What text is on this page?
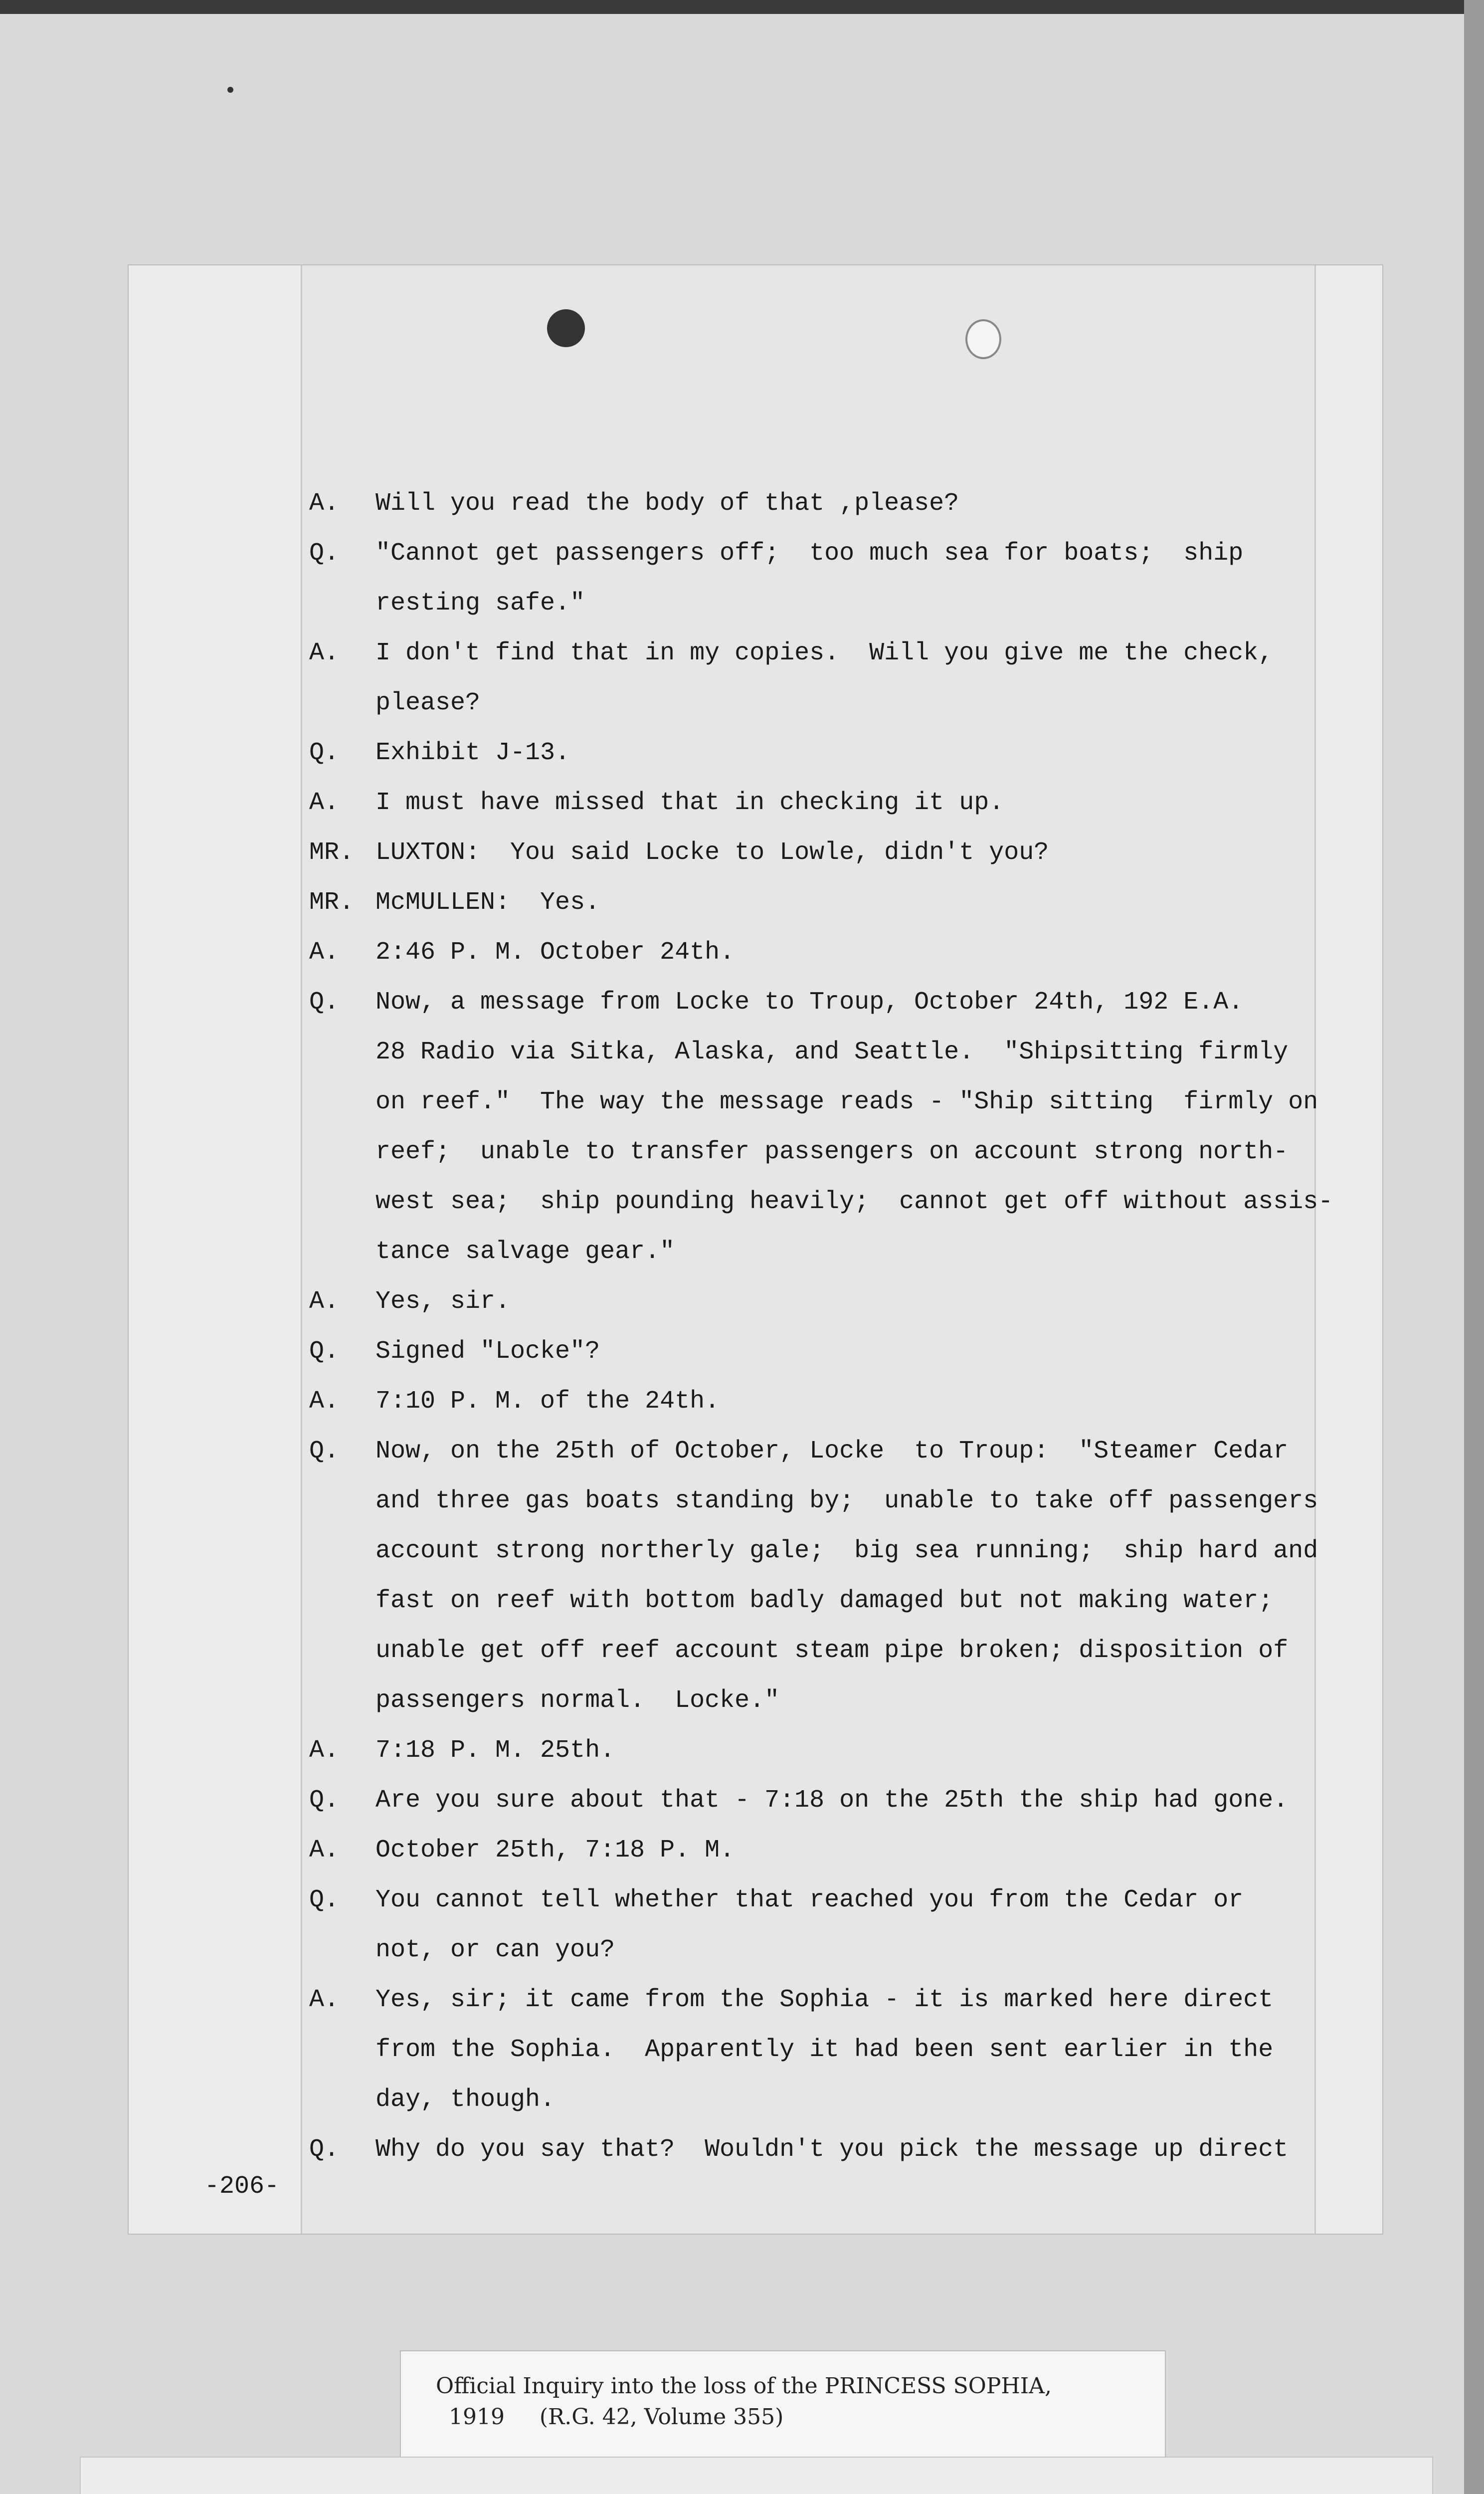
A. Will you read the body of that ,please?
Q. "Cannot get passengers off;  too much sea for boats;  ship
resting safe."
A. I don't find that in my copies.  Will you give me the check,
please?
Q. Exhibit J-13.
A. I must have missed that in checking it up.
MR. LUXTON:  You said Locke to Lowle, didn't you?
MR. McMULLEN:  Yes.
A. 2:46 P. M. October 24th.
Q. Now, a message from Locke to Troup, October 24th, 192 E.A.
28 Radio via Sitka, Alaska, and Seattle.  "Shipsitting firmly
on reef."  The way the message reads - "Ship sitting  firmly on
reef;  unable to transfer passengers on account strong north-
west sea;  ship pounding heavily;  cannot get off without assis-
tance salvage gear."
A. Yes, sir.
Q. Signed "Locke"?
A. 7:10 P. M. of the 24th.
Q. Now, on the 25th of October, Locke  to Troup:  "Steamer Cedar
and three gas boats standing by;  unable to take off passengers
account strong northerly gale;  big sea running;  ship hard and
fast on reef with bottom badly damaged but not making water;
unable get off reef account steam pipe broken; disposition of
passengers normal.  Locke."
A. 7:18 P. M. 25th.
Q. Are you sure about that - 7:18 on the 25th the ship had gone.
A. October 25th, 7:18 P. M.
Q. You cannot tell whether that reached you from the Cedar or
not, or can you?
A. Yes, sir; it came from the Sophia - it is marked here direct
from the Sophia.  Apparently it had been sent earlier in the
day, though.
Q. Why do you say that?  Wouldn't you pick the message up direct
-206-
Official Inquiry into the loss of the PRINCESS SOPHIA,
1919     (R.G. 42, Volume 355)
